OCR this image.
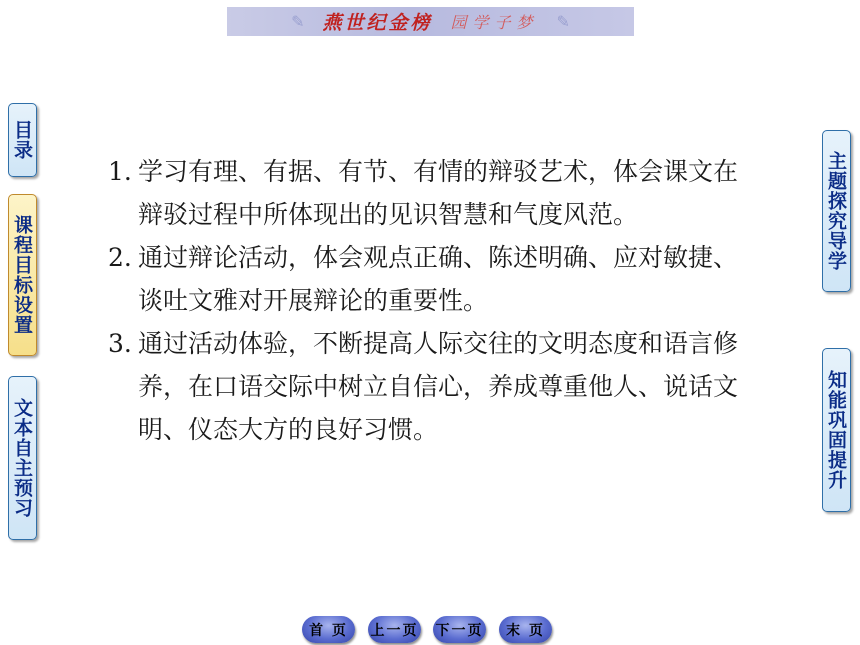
✎ 燕世纪金榜 园学子梦 ✎
目录
课程目标设置
文本自主预习
主题探究导学
知能巩固提升
1. 学习有理、有据、有节、有情的辩驳艺术，体会课文在辩驳过程中所体现出的见识智慧和气度风范。
2. 通过辩论活动，体会观点正确、陈述明确、应对敏捷、谈吐文雅对开展辩论的重要性。
3. 通过活动体验，不断提高人际交往的文明态度和语言修养，在口语交际中树立自信心，养成尊重他人、说话文明、仪态大方的良好习惯。
首 页	上一页 下一页	末 页
